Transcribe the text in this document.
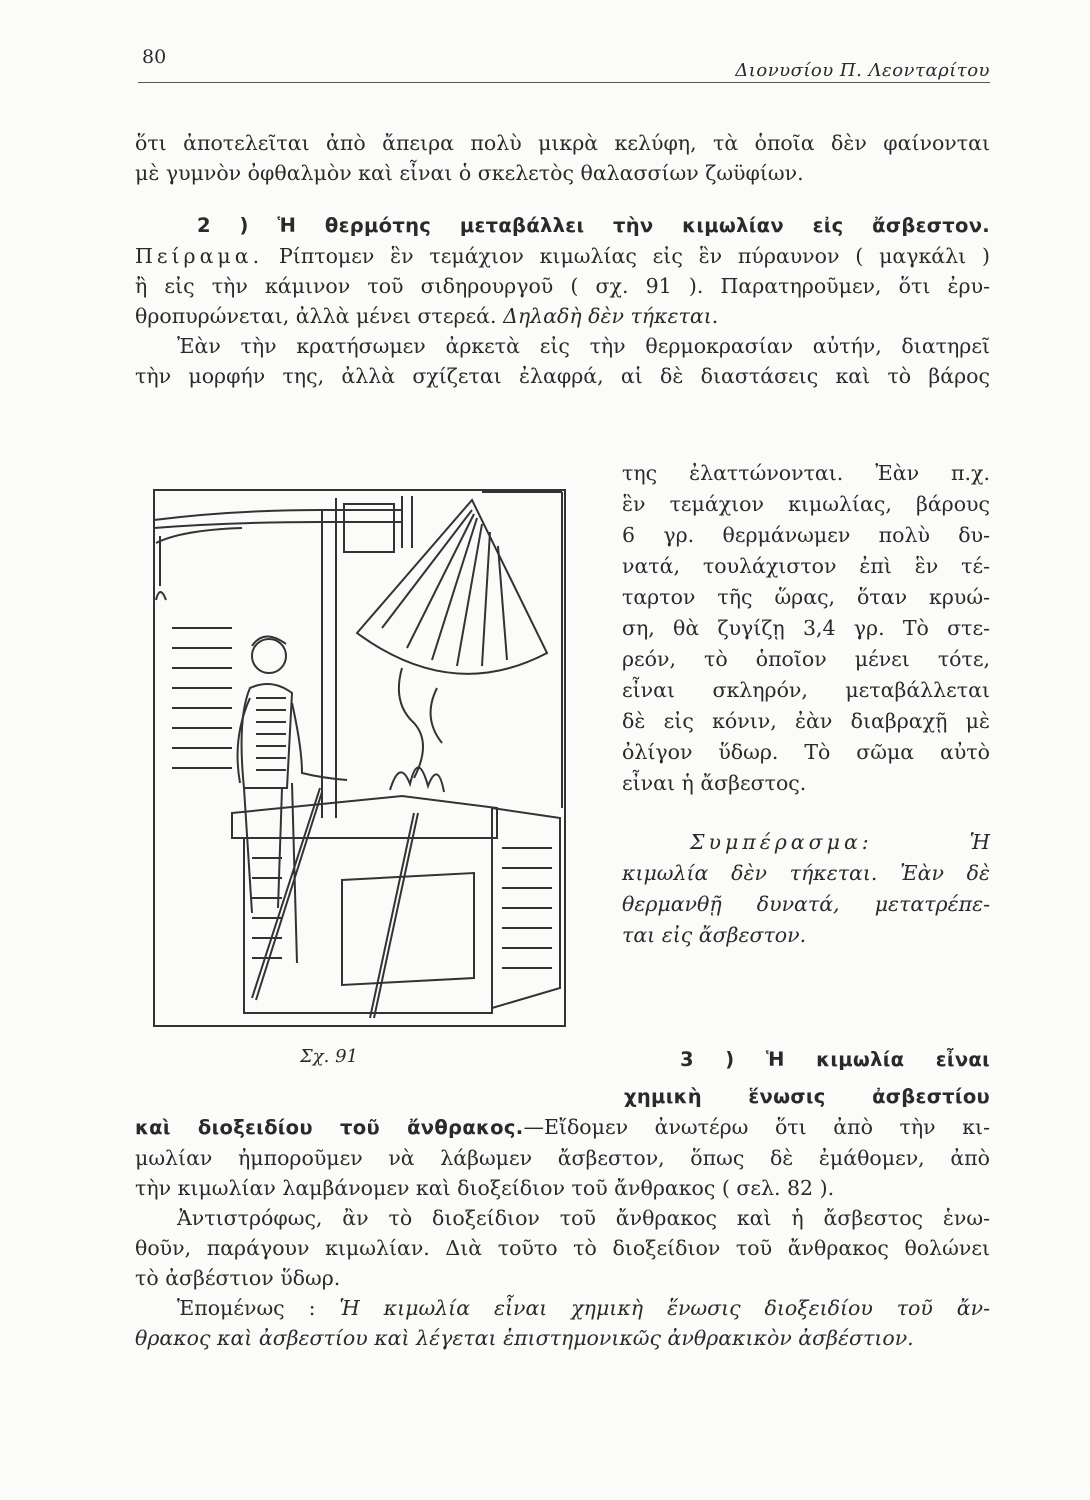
80
Διονυσίου Π. Λεονταρίτου
ὅτι ἀποτελεῖται ἀπὸ ἄπειρα πολὺ μικρὰ κελύφη, τὰ ὁποῖα δὲν φαίνονται
μὲ γυμνὸν ὀφθαλμὸν καὶ εἶναι ὁ σκελετὸς θαλασσίων ζωϋφίων.
2 ) Ἡ θερμότης μεταβάλλει τὴν κιμωλίαν εἰς ἄσβεστον.
Πείραμα. Ρίπτομεν ἓν τεμάχιον κιμωλίας εἰς ἓν πύραυνον ( μαγκάλι )
ἢ εἰς τὴν κάμινον τοῦ σιδηρουργοῦ ( σχ. 91 ). Παρατηροῦμεν, ὅτι ἐρυ-
θροπυρώνεται, ἀλλὰ μένει στερεά. Δηλαδὴ δὲν τήκεται.
Ἐὰν τὴν κρατήσωμεν ἀρκετὰ εἰς τὴν θερμοκρασίαν αὐτήν, διατηρεῖ
τὴν μορφήν της, ἀλλὰ σχίζεται ἐλαφρά, αἱ δὲ διαστάσεις καὶ τὸ βάρος
της ἐλαττώνονται. Ἐὰν π.χ.
ἓν τεμάχιον κιμωλίας, βάρους
6 γρ. θερμάνωμεν πολὺ δυ-
νατά, τουλάχιστον ἐπὶ ἓν τέ-
ταρτον τῆς ὥρας, ὅταν κρυώ-
ση, θὰ ζυγίζῃ 3,4 γρ. Τὸ στε-
ρεόν, τὸ ὁποῖον μένει τότε,
εἶναι σκληρόν, μεταβάλλεται
δὲ εἰς κόνιν, ἐὰν διαβραχῇ μὲ
ὀλίγον ὕδωρ. Τὸ σῶμα αὐτὸ
εἶναι ἡ ἄσβεστος.
Συμπέρασμα:	Ἡ
κιμωλία δὲν τήκεται. Ἐὰν δὲ
θερμανθῇ δυνατά, μετατρέπε-
ται εἰς ἄσβεστον.
Σχ. 91	3 ) Ἡ κιμωλία εἶναι
χημικὴ ἕνωσις ἀσβεστίου
καὶ διοξειδίου τοῦ ἄνθρακος.—Εἴδομεν ἀνωτέρω ὅτι ἀπὸ τὴν κι-
μωλίαν ἠμποροῦμεν νὰ λάβωμεν ἄσβεστον, ὅπως δὲ ἐμάθομεν, ἀπὸ
τὴν κιμωλίαν λαμβάνομεν καὶ διοξείδιον τοῦ ἄνθρακος ( σελ. 82 ).
Ἀντιστρόφως, ἂν τὸ διοξείδιον τοῦ ἄνθρακος καὶ ἡ ἄσβεστος ἑνω-
θοῦν, παράγουν κιμωλίαν. Διὰ τοῦτο τὸ διοξείδιον τοῦ ἄνθρακος θολώνει
τὸ ἀσβέστιον ὕδωρ.
Ἑπομένως : Ἡ κιμωλία εἶναι χημικὴ ἕνωσις διοξειδίου τοῦ ἄν-
θρακος καὶ ἀσβεστίου καὶ λέγεται ἐπιστημονικῶς ἀνθρακικὸν ἀσβέστιον.
